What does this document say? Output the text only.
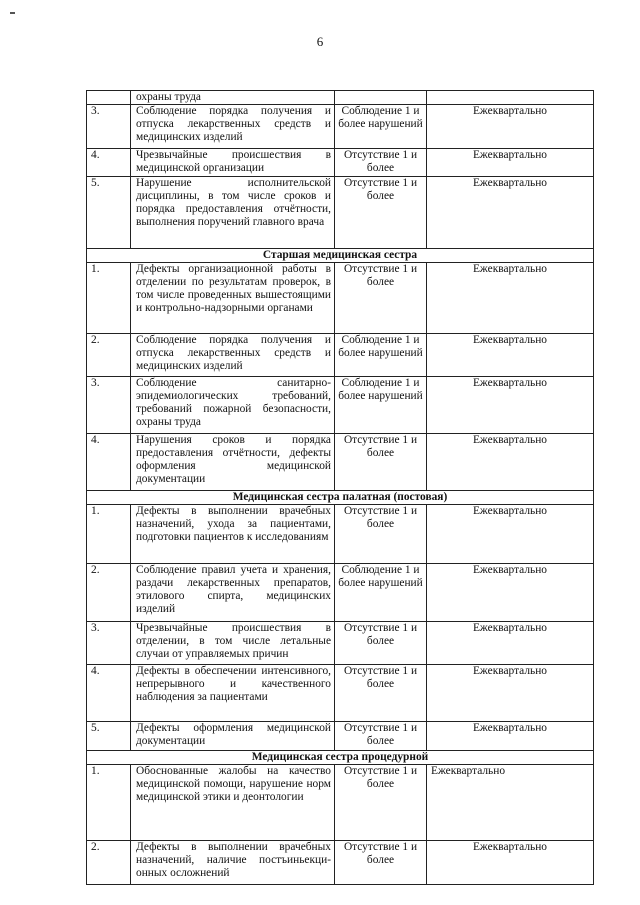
6
	охраны труда		
3.	Соблюдение порядка получения и отпуска лекарственных средств и медицинских изделий	Соблюдение 1 и более нарушений	Ежеквартально
4.	Чрезвычайные происшествия в медицинской организации	Отсутствие 1 и более	Ежеквартально
5.	Нарушение исполнительской дисциплины, в том числе сроков и порядка предоставления отчётности, выполнения поручений главного врача	Отсутствие 1 и более	Ежеквартально
Старшая медицинская сестра			
1.	Дефекты организационной работы в отделении по результатам проверок, в том числе проведенных вышестоящими и контрольно-надзорными органами	Отсутствие 1 и более	Ежеквартально
2.	Соблюдение порядка получения и отпуска лекарственных средств и медицинских изделий	Соблюдение 1 и более нарушений	Ежеквартально
3.	Соблюдение санитарно-эпидемиологических требований, требований пожарной безопасности, охраны труда	Соблюдение 1 и более нарушений	Ежеквартально
4.	Нарушения сроков и порядка предоставления отчётности, дефекты оформления медицинской документации	Отсутствие 1 и более	Ежеквартально
Медицинская сестра палатная (постовая)			
1.	Дефекты в выполнении врачебных назначений, ухода за пациентами, подготовки пациентов к исследованиям	Отсутствие 1 и более	Ежеквартально
2.	Соблюдение правил учета и хранения, раздачи лекарственных препаратов, этилового спирта, медицинских изделий	Соблюдение 1 и более нарушений	Ежеквартально
3.	Чрезвычайные происшествия в отделении, в том числе летальные случаи от управляемых причин	Отсутствие 1 и более	Ежеквартально
4.	Дефекты в обеспечении интенсивного, непрерывного и качественного наблюдения за пациентами	Отсутствие 1 и более	Ежеквартально
5.	Дефекты оформления медицинской документации	Отсутствие 1 и более	Ежеквартально
Медицинская сестра процедурной			
1.	Обоснованные жалобы на качество медицинской помощи, нарушение норм медицинской этики и деонтологии	Отсутствие 1 и более	Ежеквартально
2.	Дефекты в выполнении врачебных назначений, наличие постъиньекци-онных осложнений	Отсутствие 1 и более	Ежеквартально
